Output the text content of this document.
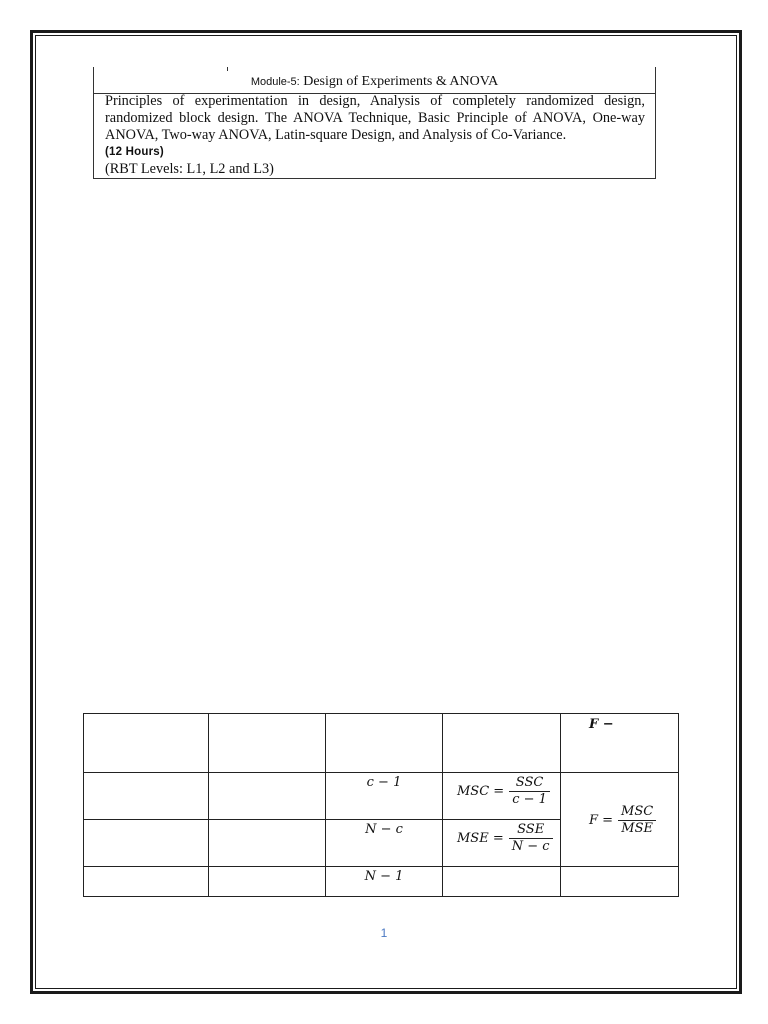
Module-5: Design of Experiments & ANOVA

Principles of experimentation in design, Analysis of completely randomized design, randomized block design. The ANOVA Technique, Basic Principle of ANOVA, One-way ANOVA, Two-way ANOVA, Latin-square Design, and Analysis of Co-Variance.

(12 Hours)
(RBT Levels: L1, L2 and L3)
				F −
		c − 1	MSC = $\frac{\text{SSC}}{c - 1}$	$F = \frac{\text{MSC}}{\text{MSE}}$

		N − c	MSE = $\frac{\text{SSE}}{N - c}$

		N − 1		
1
